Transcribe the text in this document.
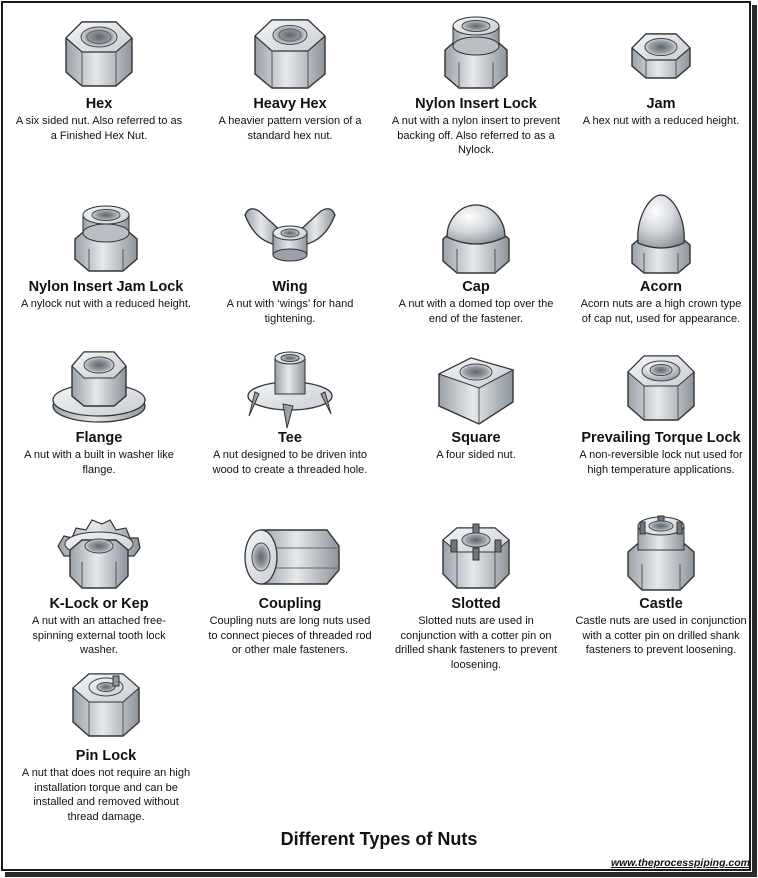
Hex
A six sided nut. Also referred to as a Finished Hex Nut.
Heavy Hex
A heavier pattern version of a standard hex nut.
Nylon Insert Lock
A nut with a nylon insert to prevent backing off. Also referred to as a Nylock.
Jam
A hex nut with a reduced height.
Nylon Insert Jam Lock
A nylock nut with a reduced height.
Wing
A nut with ‘wings’ for hand tightening.
Cap
A nut with a domed top over the end of the fastener.
Acorn
Acorn nuts are a high crown type of cap nut, used for appearance.
Flange
A nut with a built in washer like flange.
Tee
A nut designed to be driven into wood to create a threaded hole.
Square
A four sided nut.
Prevailing Torque Lock
A non-reversible lock nut used for high temperature applications.
K-Lock or Kep
A nut with an attached free-spinning external tooth lock washer.
Coupling
Coupling nuts are long nuts used to connect pieces of threaded rod or other male fasteners.
Slotted
Slotted nuts are used in conjunction with a cotter pin on drilled shank fasteners to prevent loosening.
Castle
Castle nuts are used in conjunction with a cotter pin on drilled shank fasteners to prevent loosening.
Pin Lock
A nut that does not require an high installation torque and can be installed and removed without thread damage.
Different Types of Nuts
www.theprocesspiping.com
